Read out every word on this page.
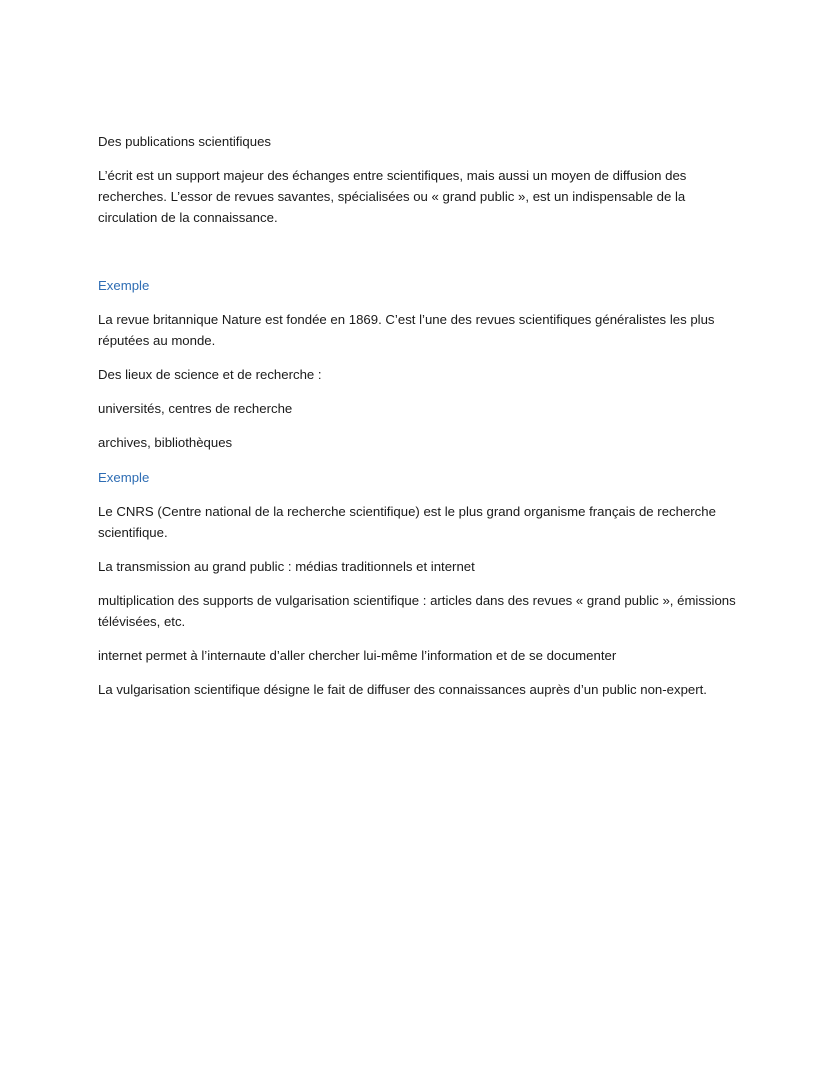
Des publications scientifiques

L’écrit est un support majeur des échanges entre scientifiques, mais aussi un moyen de diffusion des recherches. L’essor de revues savantes, spécialisées ou « grand public », est un indispensable de la circulation de la connaissance.

Exemple

La revue britannique Nature est fondée en 1869. C’est l’une des revues scientifiques généralistes les plus réputées au monde.

Des lieux de science et de recherche :

universités, centres de recherche

archives, bibliothèques

Exemple

Le CNRS (Centre national de la recherche scientifique) est le plus grand organisme français de recherche scientifique.

La transmission au grand public : médias traditionnels et internet

multiplication des supports de vulgarisation scientifique : articles dans des revues « grand public », émissions télévisées, etc.

internet permet à l’internaute d’aller chercher lui-même l’information et de se documenter

La vulgarisation scientifique désigne le fait de diffuser des connaissances auprès d’un public non-expert.
